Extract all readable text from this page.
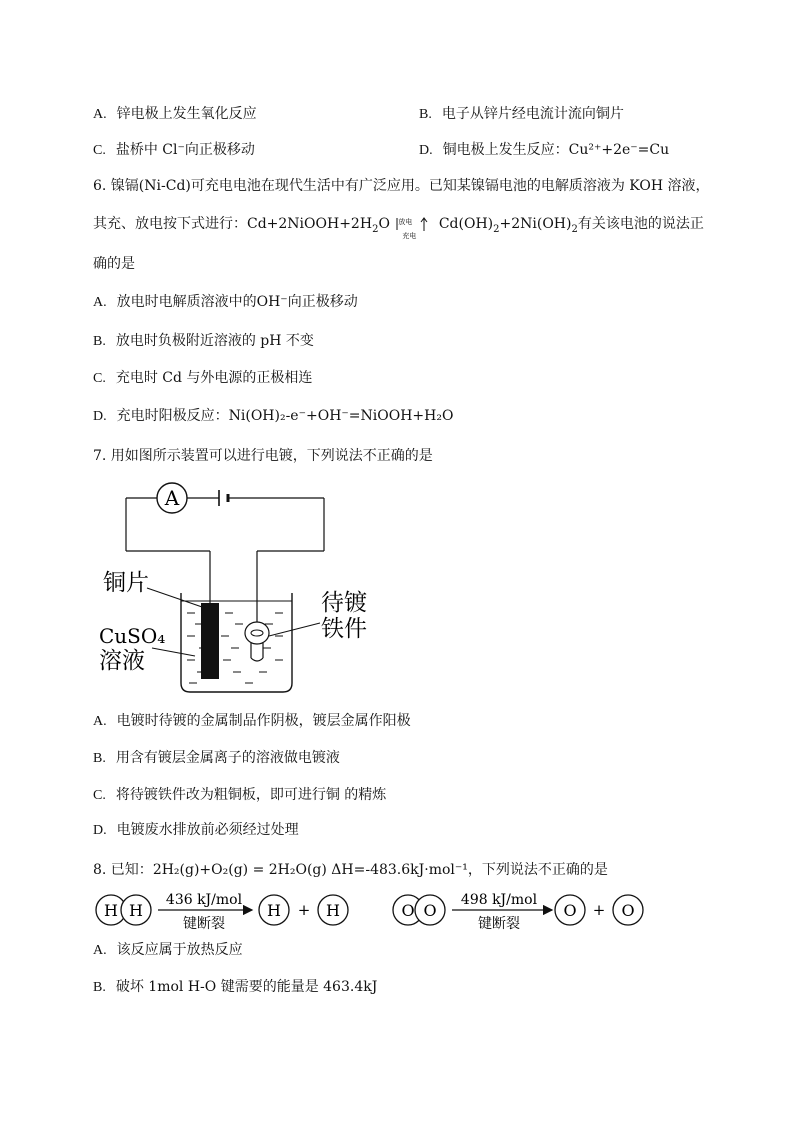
A. 锌电极上发生氧化反应	B. 电子从锌片经电流计流向铜片
C. 盐桥中 Cl⁻向正极移动	D. 铜电极上发生反应：Cu²⁺+2e⁻=Cu
6. 镍镉(Ni-Cd)可充电电池在现代生活中有广泛应用。已知某镍镉电池的电解质溶液为 KOH 溶液，
其充、放电按下式进行：$Cd+2NiOOH+2H_2O$ 放电
充电
$Cd(OH)_2+2Ni(OH)_2$有关该电池的说法正
确的是
A. 放电时电解质溶液中的OH⁻向正极移动
B. 放电时负极附近溶液的 pH 不变
C. 充电时 Cd 与外电源的正极相连
D. 充电时阳极反应：Ni(OH)₂-e⁻+OH⁻=NiOOH+H₂O
7. 用如图所示装置可以进行电镀，下列说法不正确的是
A
铜片
CuSO₄
溶液
待镀
铁件
A. 电镀时待镀的金属制品作阴极，镀层金属作阳极
B. 用含有镀层金属离子的溶液做电镀液
C. 将待镀铁件改为粗铜板，即可进行铜 的精炼
D. 电镀废水排放前必须经过处理
8. 已知：2H₂(g)+O₂(g) = 2H₂O(g) ΔH=-483.6kJ·mol⁻¹，下列说法不正确的是
H H
436 kJ/mol
键断裂
H + H	O O
498 kJ/mol
键断裂
O + O
A. 该反应属于放热反应
B. 破坏 1mol H-O 键需要的能量是 463.4kJ
